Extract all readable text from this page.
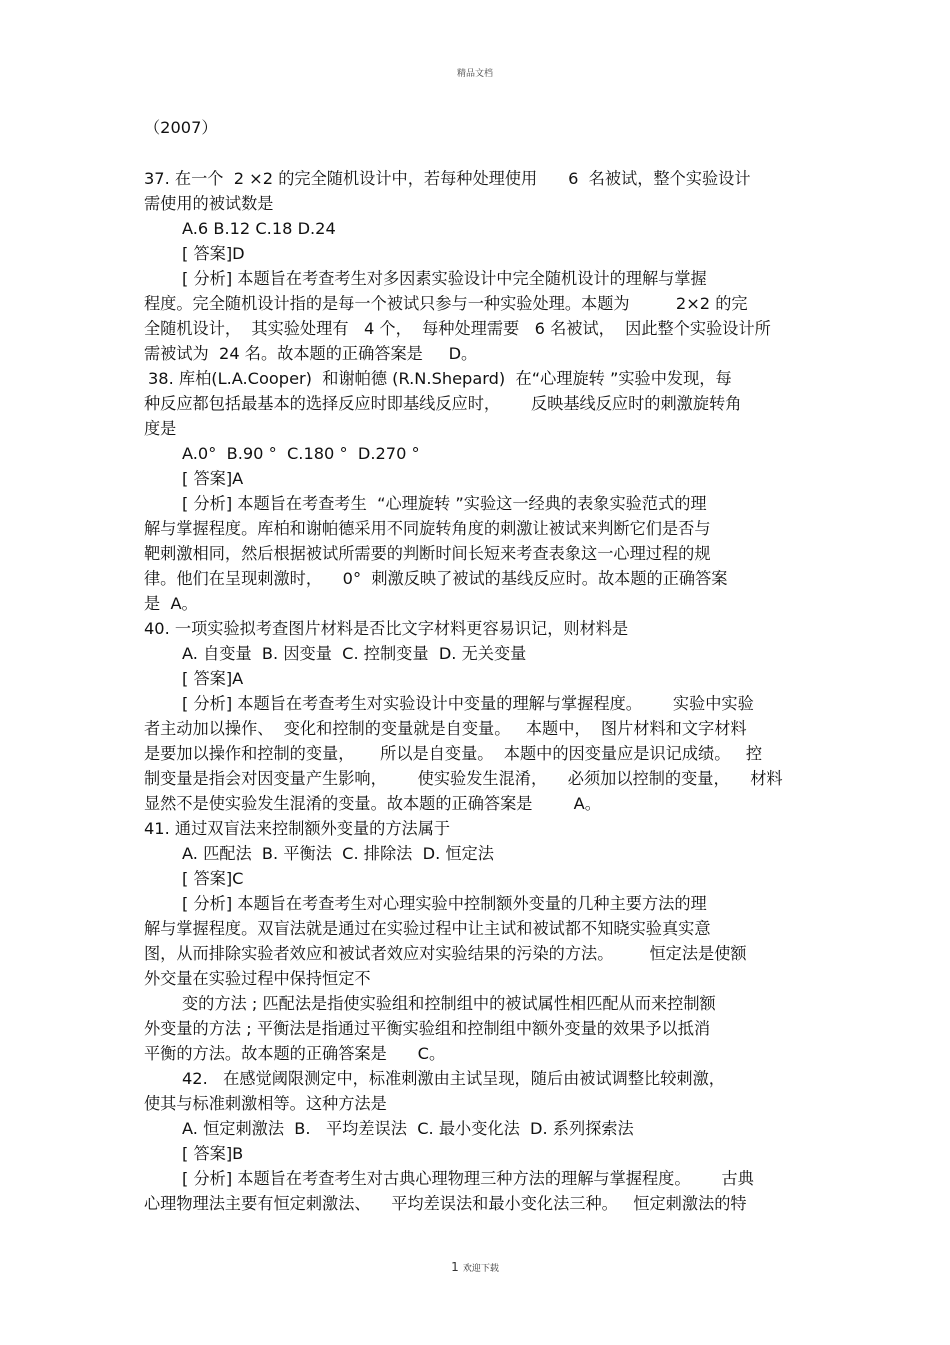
精品文档
（2007）
37. 在一个  2 ×2 的完全随机设计中，若每种处理使用      6  名被试，整个实验设计
需使用的被试数是
A.6 B.12 C.18 D.24
[ 答案]D
[ 分析] 本题旨在考查考生对多因素实验设计中完全随机设计的理解与掌握
程度。完全随机设计指的是每一个被试只参与一种实验处理。本题为         2×2 的完
全随机设计，  其实验处理有   4 个，  每种处理需要   6 名被试，  因此整个实验设计所
需被试为  24 名。故本题的正确答案是     D。
38. 库柏(L.A.Cooper)  和谢帕德 (R.N.Shepard)  在“心理旋转 ”实验中发现，每
种反应都包括最基本的选择反应时即基线反应时，      反映基线反应时的刺激旋转角
度是
A.0°  B.90 °  C.180 °  D.270 °
[ 答案]A
[ 分析] 本题旨在考查考生  “心理旋转 ”实验这一经典的表象实验范式的理
解与掌握程度。库柏和谢帕德采用不同旋转角度的刺激让被试来判断它们是否与
靶刺激相同，然后根据被试所需要的判断时间长短来考查表象这一心理过程的规
律。他们在呈现刺激时，    0°  刺激反映了被试的基线反应时。故本题的正确答案
是  A。
40. 一项实验拟考查图片材料是否比文字材料更容易识记，则材料是
A. 自变量  B. 因变量  C. 控制变量  D. 无关变量
[ 答案]A
[ 分析] 本题旨在考查考生对实验设计中变量的理解与掌握程度。      实验中实验
者主动加以操作、  变化和控制的变量就是自变量。   本题中，  图片材料和文字材料
是要加以操作和控制的变量，     所以是自变量。  本题中的因变量应是识记成绩。   控
制变量是指会对因变量产生影响，      使实验发生混淆，    必须加以控制的变量，    材料
显然不是使实验发生混淆的变量。故本题的正确答案是        A。
41. 通过双盲法来控制额外变量的方法属于
A. 匹配法  B. 平衡法  C. 排除法  D. 恒定法
[ 答案]C
[ 分析] 本题旨在考查考生对心理实验中控制额外变量的几种主要方法的理
解与掌握程度。双盲法就是通过在实验过程中让主试和被试都不知晓实验真实意
图，从而排除实验者效应和被试者效应对实验结果的污染的方法。       恒定法是使额
外交量在实验过程中保持恒定不
变的方法 ; 匹配法是指使实验组和控制组中的被试属性相匹配从而来控制额
外变量的方法 ; 平衡法是指通过平衡实验组和控制组中额外变量的效果予以抵消
平衡的方法。故本题的正确答案是      C。
42.   在感觉阈限测定中，标准刺激由主试呈现，随后由被试调整比较刺激，
使其与标准刺激相等。这种方法是
A. 恒定刺激法  B.   平均差误法  C. 最小变化法  D. 系列探索法
[ 答案]B
[ 分析] 本题旨在考查考生对古典心理物理三种方法的理解与掌握程度。      古典
心理物理法主要有恒定刺激法、    平均差误法和最小变化法三种。   恒定刺激法的特
1 欢迎下载
